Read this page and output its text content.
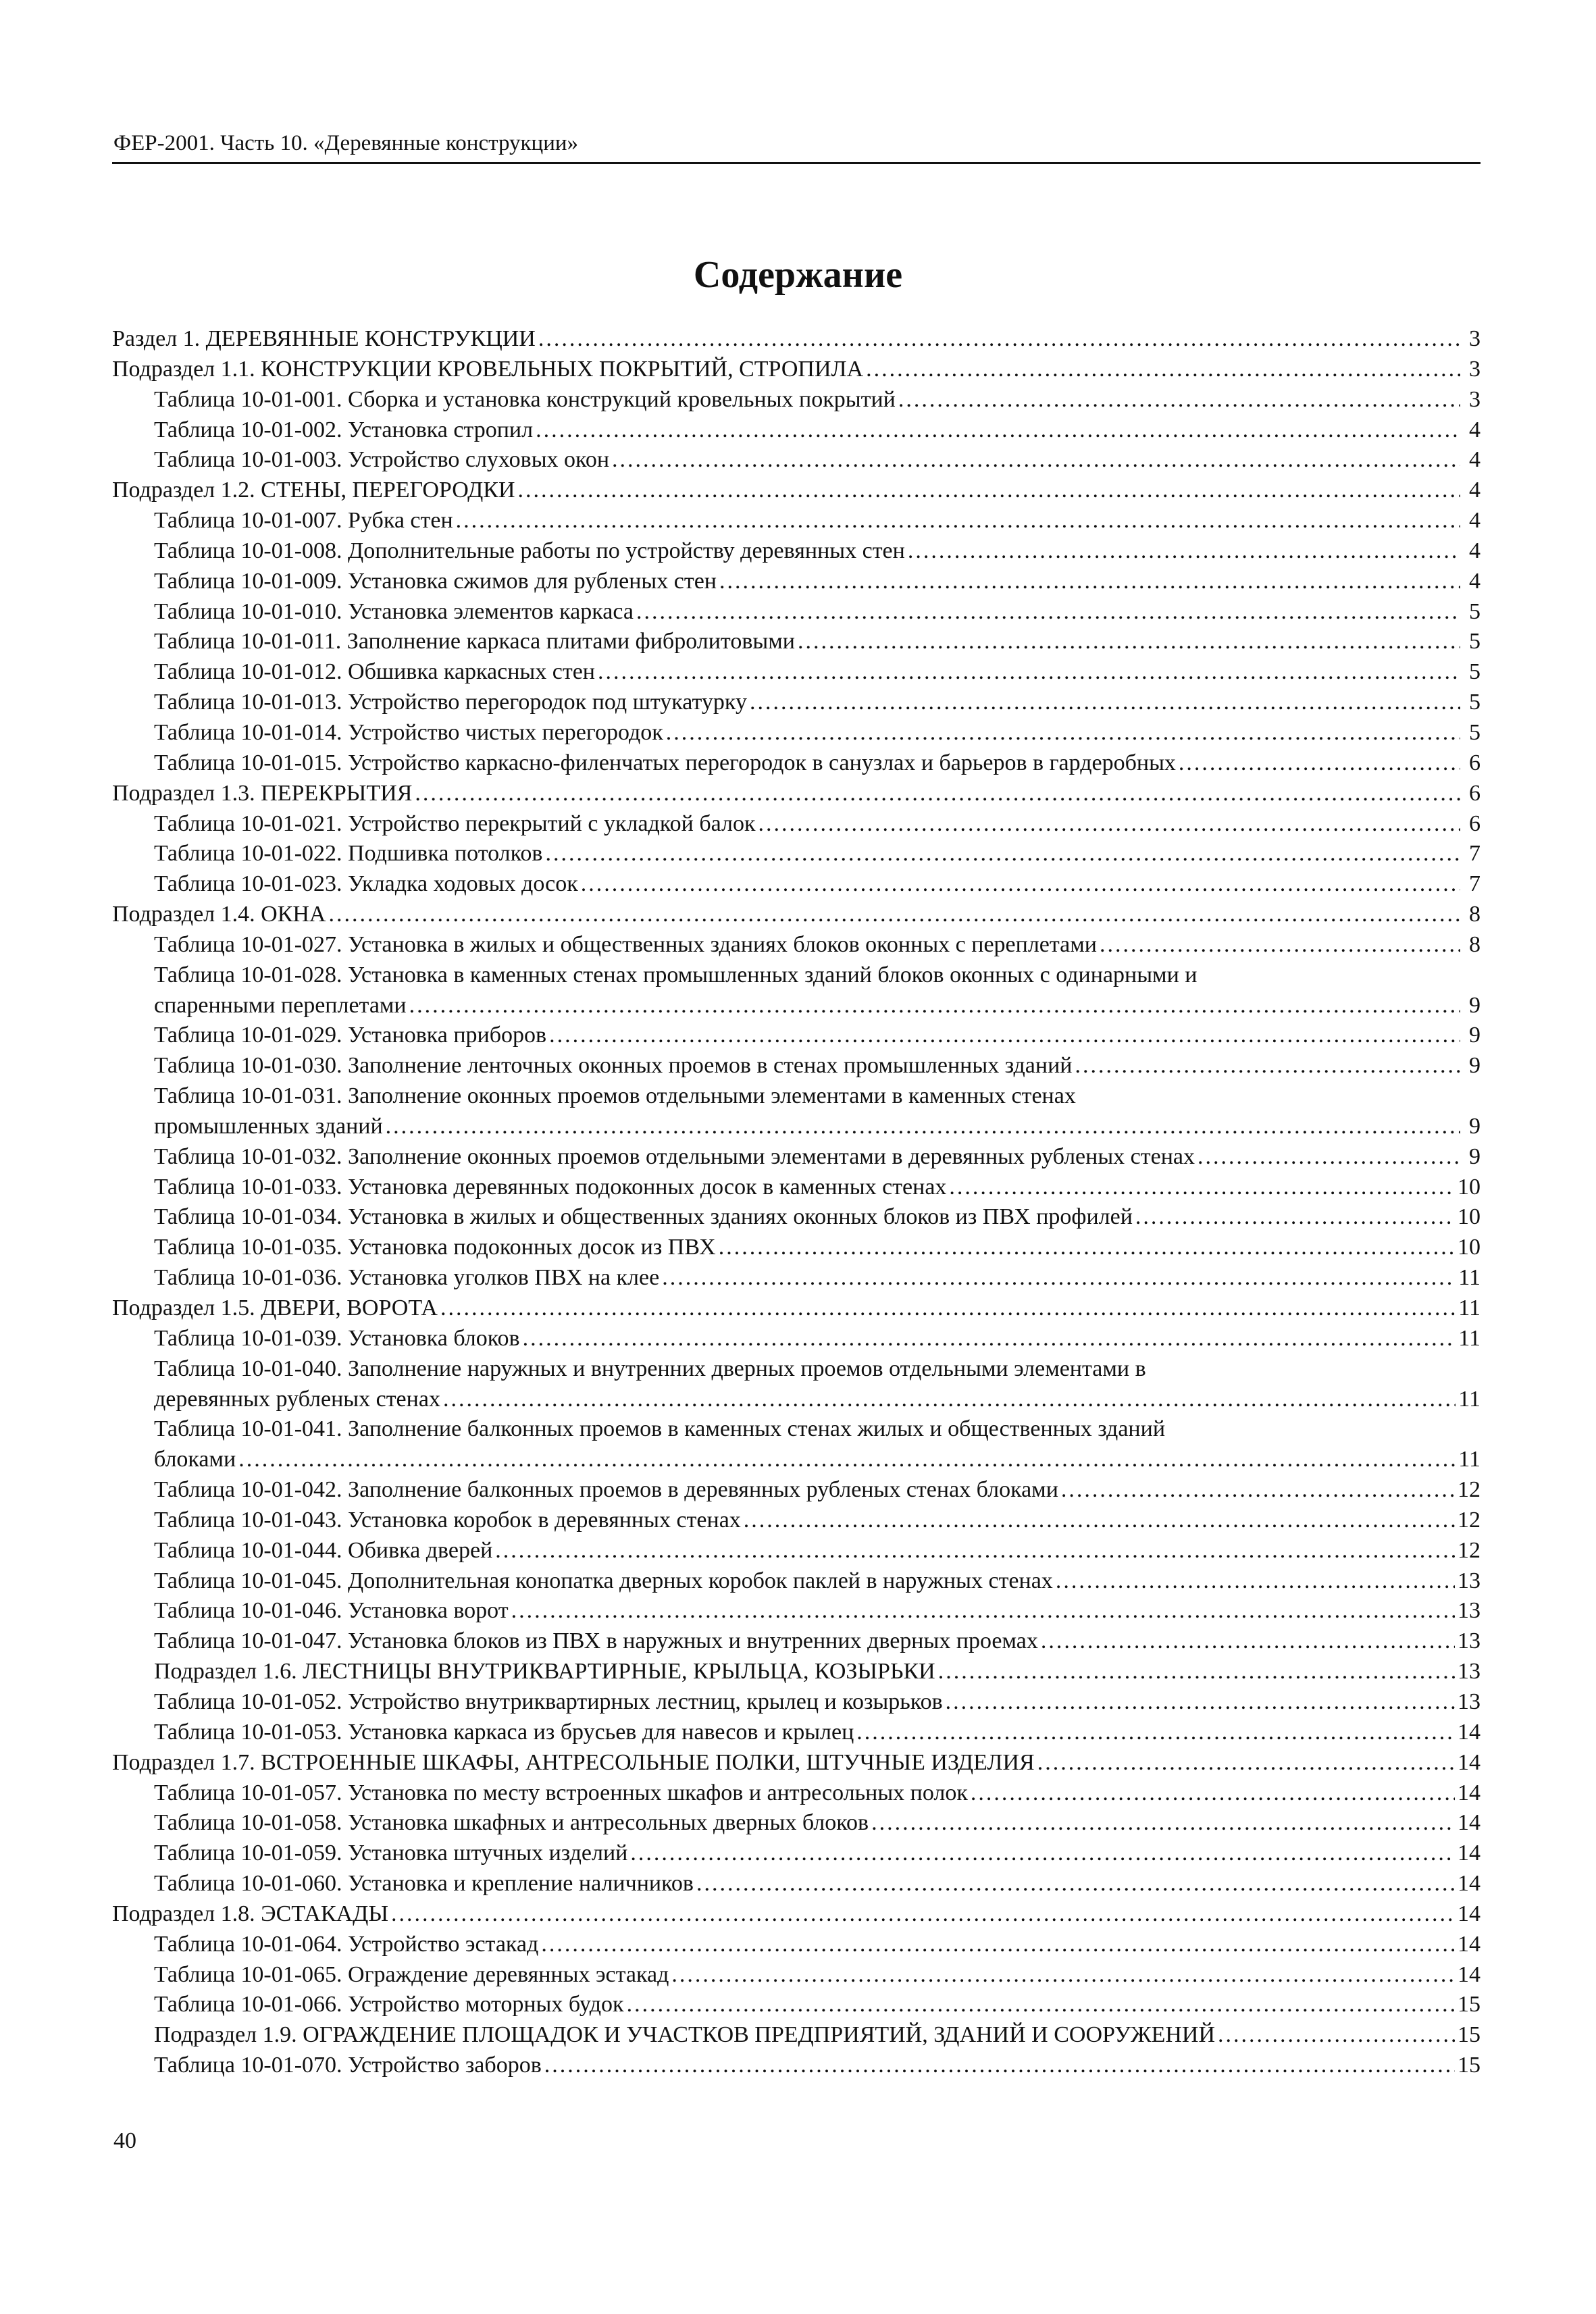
ФЕР-2001. Часть 10. «Деревянные конструкции»
Содержание
Раздел 1. ДЕРЕВЯННЫЕ КОНСТРУКЦИИ .....	3
Подраздел 1.1. КОНСТРУКЦИИ КРОВЕЛЬНЫХ ПОКРЫТИЙ, СТРОПИЛА .....	3
Таблица 10-01-001. Сборка и установка конструкций кровельных покрытий .....	3
Таблица 10-01-002. Установка стропил .....	4
Таблица 10-01-003. Устройство слуховых окон .....	4
Подраздел 1.2. СТЕНЫ, ПЕРЕГОРОДКИ .....	4
Таблица 10-01-007. Рубка стен .....	4
Таблица 10-01-008. Дополнительные работы по устройству деревянных стен .....	4
Таблица 10-01-009. Установка сжимов для рубленых стен .....	4
Таблица 10-01-010. Установка элементов каркаса .....	5
Таблица 10-01-011. Заполнение каркаса плитами фибролитовыми .....	5
Таблица 10-01-012. Обшивка каркасных стен .....	5
Таблица 10-01-013. Устройство перегородок под штукатурку .....	5
Таблица 10-01-014. Устройство чистых перегородок .....	5
Таблица 10-01-015. Устройство каркасно-филенчатых перегородок в санузлах и барьеров в гардеробных .....	6
Подраздел 1.3. ПЕРЕКРЫТИЯ .....	6
Таблица 10-01-021. Устройство перекрытий с укладкой балок .....	6
Таблица 10-01-022. Подшивка потолков .....	7
Таблица 10-01-023. Укладка ходовых досок .....	7
Подраздел 1.4. ОКНА .....	8
Таблица 10-01-027. Установка в жилых и общественных зданиях блоков оконных с переплетами .....	8
Таблица 10-01-028. Установка в каменных стенах промышленных зданий блоков оконных с одинарными и
спаренными переплетами .....	9
Таблица 10-01-029. Установка приборов .....	9
Таблица 10-01-030. Заполнение ленточных оконных проемов в стенах промышленных зданий .....	9
Таблица 10-01-031. Заполнение оконных проемов отдельными элементами в каменных стенах
промышленных зданий .....	9
Таблица 10-01-032. Заполнение оконных проемов отдельными элементами в деревянных рубленых стенах .....	9
Таблица 10-01-033. Установка деревянных подоконных досок в каменных стенах .....	10
Таблица 10-01-034. Установка в жилых и общественных зданиях оконных блоков из ПВХ профилей .....	10
Таблица 10-01-035. Установка подоконных досок из ПВХ .....	10
Таблица 10-01-036. Установка уголков ПВХ на клее .....	11
Подраздел 1.5. ДВЕРИ, ВОРОТА .....	11
Таблица 10-01-039. Установка блоков .....	11
Таблица 10-01-040. Заполнение наружных и внутренних дверных проемов отдельными элементами в
деревянных рубленых стенах .....	11
Таблица 10-01-041. Заполнение балконных проемов в каменных стенах жилых и общественных зданий
блоками .....	11
Таблица 10-01-042. Заполнение балконных проемов в деревянных рубленых стенах блоками .....	12
Таблица 10-01-043. Установка коробок в деревянных стенах .....	12
Таблица 10-01-044. Обивка дверей .....	12
Таблица 10-01-045. Дополнительная конопатка дверных коробок паклей в наружных стенах .....	13
Таблица 10-01-046. Установка ворот .....	13
Таблица 10-01-047. Установка блоков из ПВХ в наружных и внутренних дверных проемах .....	13
Подраздел 1.6. ЛЕСТНИЦЫ ВНУТРИКВАРТИРНЫЕ, КРЫЛЬЦА, КОЗЫРЬКИ .....	13
Таблица 10-01-052. Устройство внутриквартирных лестниц, крылец и козырьков .....	13
Таблица 10-01-053. Установка каркаса из брусьев для навесов и крылец .....	14
Подраздел 1.7. ВСТРОЕННЫЕ ШКАФЫ, АНТРЕСОЛЬНЫЕ ПОЛКИ, ШТУЧНЫЕ ИЗДЕЛИЯ .....	14
Таблица 10-01-057. Установка по месту встроенных шкафов и антресольных полок .....	14
Таблица 10-01-058. Установка шкафных и антресольных дверных блоков .....	14
Таблица 10-01-059. Установка штучных изделий .....	14
Таблица 10-01-060. Установка и крепление наличников .....	14
Подраздел 1.8. ЭСТАКАДЫ .....	14
Таблица 10-01-064. Устройство эстакад .....	14
Таблица 10-01-065. Ограждение деревянных эстакад .....	14
Таблица 10-01-066. Устройство моторных будок .....	15
Подраздел 1.9. ОГРАЖДЕНИЕ ПЛОЩАДОК И УЧАСТКОВ ПРЕДПРИЯТИЙ, ЗДАНИЙ И СООРУЖЕНИЙ .....	15
Таблица 10-01-070. Устройство заборов .....	15
40
